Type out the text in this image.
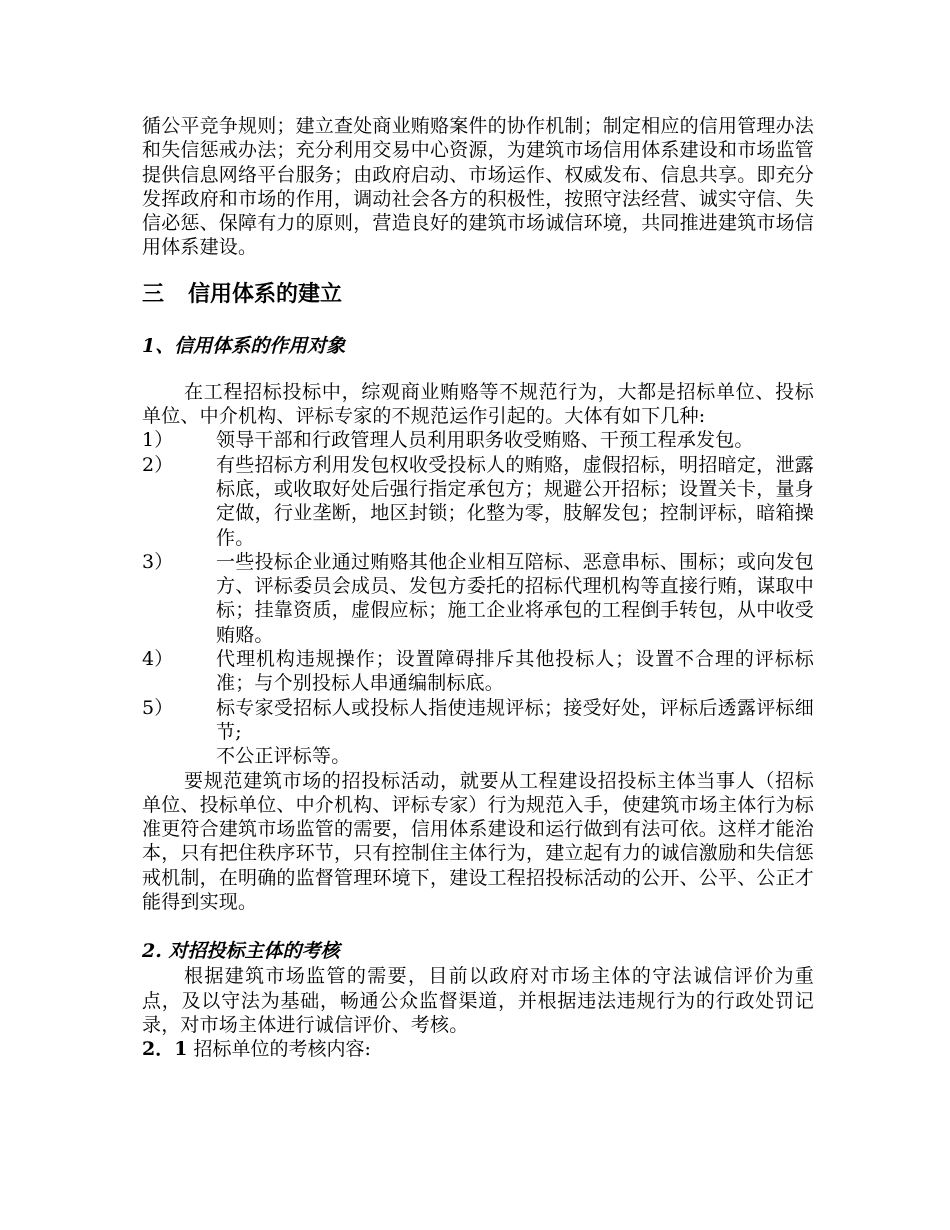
循公平竞争规则；建立查处商业贿赂案件的协作机制；制定相应的信用管理办法和失信惩戒办法；充分利用交易中心资源，为建筑市场信用体系建设和市场监管提供信息网络平台服务；由政府启动、市场运作、权威发布、信息共享。即充分发挥政府和市场的作用，调动社会各方的积极性，按照守法经营、诚实守信、失信必惩、保障有力的原则，营造良好的建筑市场诚信环境，共同推进建筑市场信用体系建设。

三 信用体系的建立
1、信用体系的作用对象

在工程招标投标中，综观商业贿赂等不规范行为，大都是招标单位、投标单位、中介机构、评标专家的不规范运作引起的。大体有如下几种:

1）	领导干部和行政管理人员利用职务收受贿赂、干预工程承发包。
2）	有些招标方利用发包权收受投标人的贿赂，虚假招标，明招暗定，泄露标底，或收取好处后强行指定承包方；规避公开招标；设置关卡，量身定做，行业垄断，地区封锁；化整为零，肢解发包；控制评标，暗箱操作。
3）	一些投标企业通过贿赂其他企业相互陪标、恶意串标、围标；或向发包方、评标委员会成员、发包方委托的招标代理机构等直接行贿，谋取中标；挂靠资质，虚假应标；施工企业将承包的工程倒手转包，从中收受贿赂。
4）	代理机构违规操作；设置障碍排斥其他投标人；设置不合理的评标标准；与个别投标人串通编制标底。
5）	标专家受招标人或投标人指使违规评标；接受好处，评标后透露评标细节;
不公正评标等。

要规范建筑市场的招投标活动，就要从工程建设招投标主体当事人（招标单位、投标单位、中介机构、评标专家）行为规范入手，使建筑市场主体行为标准更符合建筑市场监管的需要，信用体系建设和运行做到有法可依。这样才能治本，只有把住秩序环节，只有控制住主体行为，建立起有力的诚信激励和失信惩戒机制，在明确的监督管理环境下，建设工程招投标活动的公开、公平、公正才能得到实现。

2. 对招投标主体的考核

根据建筑市场监管的需要，目前以政府对市场主体的守法诚信评价为重点，及以守法为基础，畅通公众监督渠道，并根据违法违规行为的行政处罚记录，对市场主体进行诚信评价、考核。

2．1 招标单位的考核内容:
